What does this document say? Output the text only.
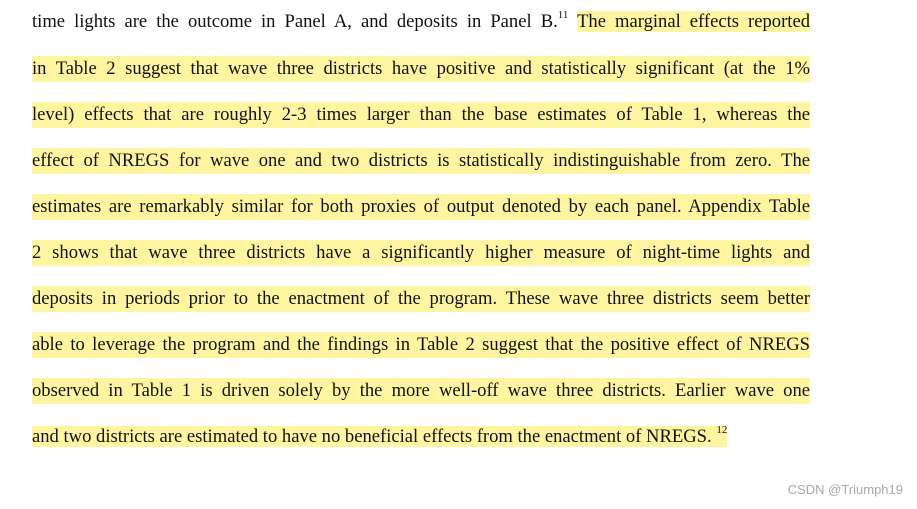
time lights are the outcome in Panel A, and deposits in Panel B.$^{11}$ The marginal effects reported
in Table 2 suggest that wave three districts have positive and statistically significant (at the 1%
level) effects that are roughly 2-3 times larger than the base estimates of Table 1, whereas the
effect of NREGS for wave one and two districts is statistically indistinguishable from zero. The
estimates are remarkably similar for both proxies of output denoted by each panel. Appendix Table
2 shows that wave three districts have a significantly higher measure of night-time lights and
deposits in periods prior to the enactment of the program. These wave three districts seem better
able to leverage the program and the findings in Table 2 suggest that the positive effect of NREGS
observed in Table 1 is driven solely by the more well-off wave three districts. Earlier wave one
and two districts are estimated to have no beneficial effects from the enactment of NREGS. $^{12}$
CSDN @Triumph19
